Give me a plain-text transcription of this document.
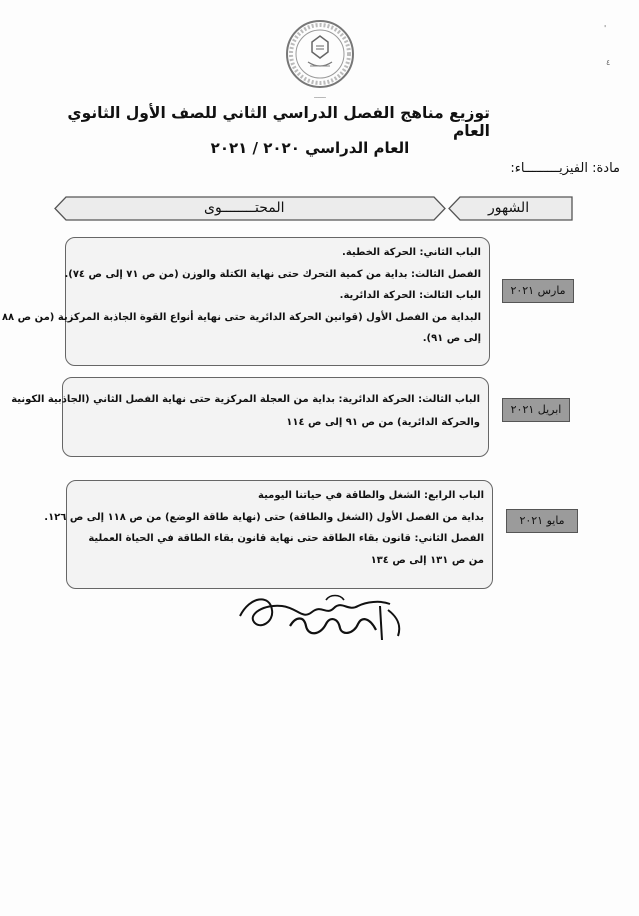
ــــــــ
'
٤
توزيع مناهج الفصل الدراسي الثاني للصف الأول الثانوي العام
العام الدراسي ٢٠٢٠ / ٢٠٢١
مادة: الفيزيـــــــــاء:
الشهور
المحتــــــــوى
الباب الثاني: الحركة الخطية.
الفصل الثالث: بداية من كمية التحرك حتى نهاية الكتلة والوزن (من ص ٧١ إلى ص ٧٤).
الباب الثالث: الحركة الدائرية.
البداية من الفصل الأول (قوانين الحركة الدائرية حتى نهاية أنواع القوة الجاذبة المركزية (من ص ٨٨
إلى ص ٩١).
مارس ٢٠٢١
الباب الثالث: الحركة الدائرية: بداية من العجلة المركزية حتى نهاية الفصل الثاني (الجاذبية الكونية
والحركة الدائرية) من ص ٩١ إلى ص ١١٤
ابريل ٢٠٢١
الباب الرابع: الشغل والطاقة في حياتنا اليومية
بداية من الفصل الأول (الشغل والطاقة) حتى (نهاية طاقة الوضع) من ص ١١٨ إلى ص ١٢٦.
الفصل الثاني: قانون بقاء الطاقة حتى نهاية قانون بقاء الطاقة في الحياة العملية
من ص ١٣١ إلى ص ١٣٤
مايو ٢٠٢١
